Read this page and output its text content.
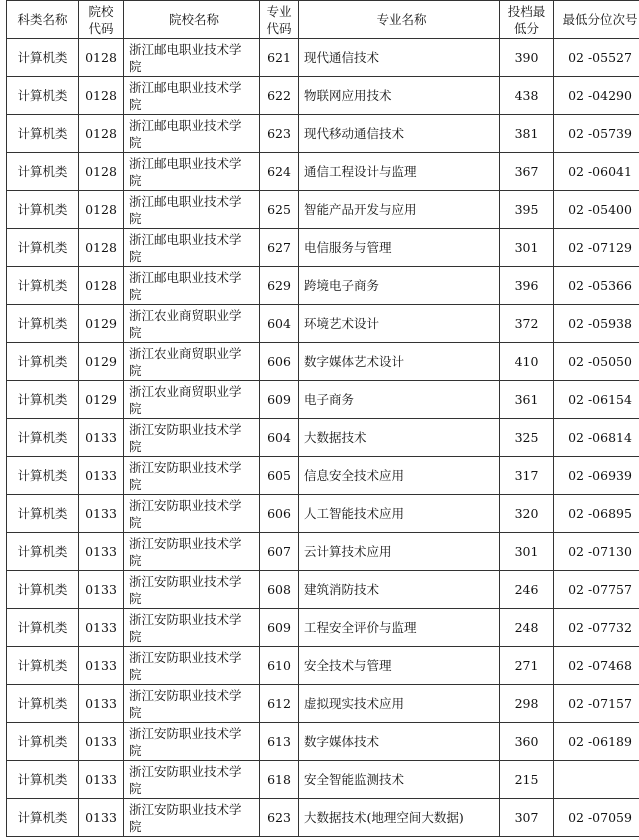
科类名称	院校代码	院校名称	专业代码	专业名称	投档最低分	最低分位次号
计算机类	0128	浙江邮电职业技术学院	621	现代通信技术	390	02 -05527
计算机类	0128	浙江邮电职业技术学院	622	物联网应用技术	438	02 -04290
计算机类	0128	浙江邮电职业技术学院	623	现代移动通信技术	381	02 -05739
计算机类	0128	浙江邮电职业技术学院	624	通信工程设计与监理	367	02 -06041
计算机类	0128	浙江邮电职业技术学院	625	智能产品开发与应用	395	02 -05400
计算机类	0128	浙江邮电职业技术学院	627	电信服务与管理	301	02 -07129
计算机类	0128	浙江邮电职业技术学院	629	跨境电子商务	396	02 -05366
计算机类	0129	浙江农业商贸职业学院	604	环境艺术设计	372	02 -05938
计算机类	0129	浙江农业商贸职业学院	606	数字媒体艺术设计	410	02 -05050
计算机类	0129	浙江农业商贸职业学院	609	电子商务	361	02 -06154
计算机类	0133	浙江安防职业技术学院	604	大数据技术	325	02 -06814
计算机类	0133	浙江安防职业技术学院	605	信息安全技术应用	317	02 -06939
计算机类	0133	浙江安防职业技术学院	606	人工智能技术应用	320	02 -06895
计算机类	0133	浙江安防职业技术学院	607	云计算技术应用	301	02 -07130
计算机类	0133	浙江安防职业技术学院	608	建筑消防技术	246	02 -07757
计算机类	0133	浙江安防职业技术学院	609	工程安全评价与监理	248	02 -07732
计算机类	0133	浙江安防职业技术学院	610	安全技术与管理	271	02 -07468
计算机类	0133	浙江安防职业技术学院	612	虚拟现实技术应用	298	02 -07157
计算机类	0133	浙江安防职业技术学院	613	数字媒体技术	360	02 -06189
计算机类	0133	浙江安防职业技术学院	618	安全智能监测技术	215	
计算机类	0133	浙江安防职业技术学院	623	大数据技术(地理空间大数据)	307	02 -07059
